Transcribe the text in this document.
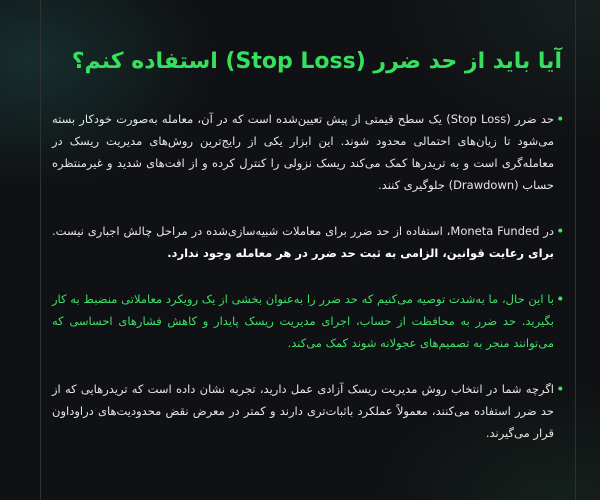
آیا باید از حد ضرر (Stop Loss) استفاده کنم؟

•
حد ضرر (Stop Loss) یک سطح قیمتی از پیش تعیین‌شده است که در آن، معامله به‌صورت خودکار بسته می‌شود تا زیان‌های احتمالی محدود شوند. این ابزار یکی از رایج‌ترین روش‌های مدیریت ریسک در معامله‌گری است و به تریدرها کمک می‌کند ریسک نزولی را کنترل کرده و از افت‌های شدید و غیرمنتظره حساب (Drawdown) جلوگیری کنند.

•
در Moneta Funded، استفاده از حد ضرر برای معاملات شبیه‌سازی‌شده در مراحل چالش اجباری نیست. برای رعایت قوانین، الزامی به ثبت حد ضرر در هر معامله وجود ندارد.

•
با این حال، ما به‌شدت توصیه می‌کنیم که حد ضرر را به‌عنوان بخشی از یک رویکرد معاملاتی منضبط به کار بگیرید. حد ضرر به محافظت از حساب، اجرای مدیریت ریسک پایدار و کاهش فشارهای احساسی که می‌توانند منجر به تصمیم‌های عجولانه شوند کمک می‌کند.

•
اگرچه شما در انتخاب روش مدیریت ریسک آزادی عمل دارید، تجربه نشان داده است که تریدرهایی که از حد ضرر استفاده می‌کنند، معمولاً عملکرد باثبات‌تری دارند و کمتر در معرض نقض محدودیت‌های دراوداون قرار می‌گیرند.
